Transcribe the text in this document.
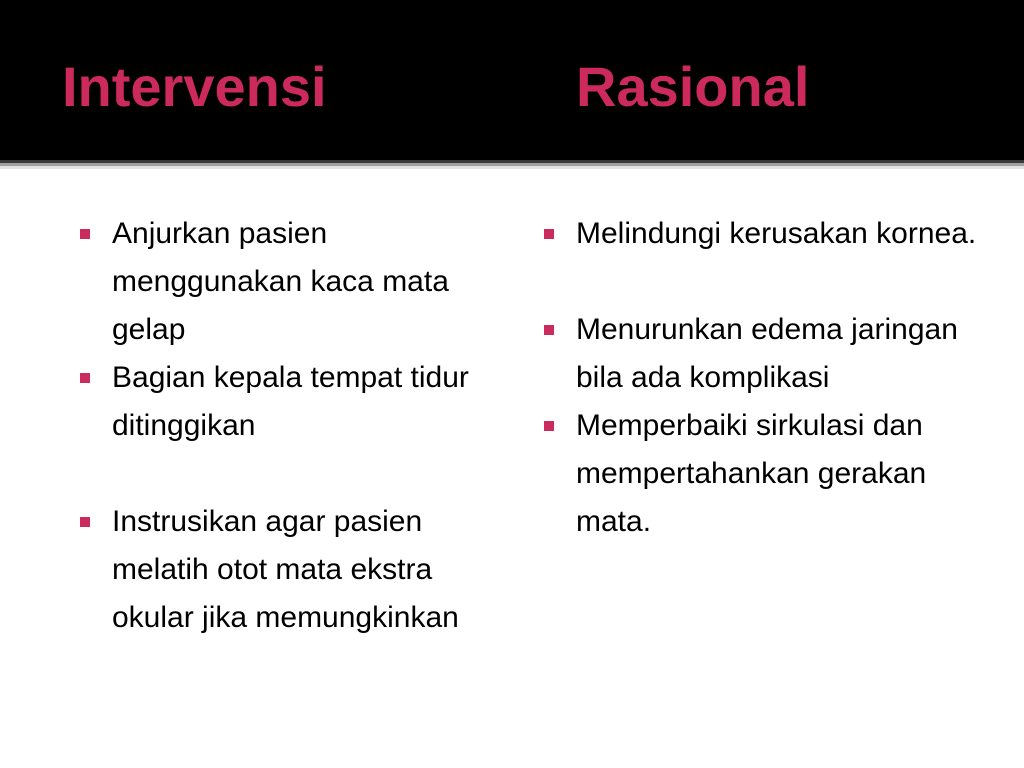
Intervensi	Rasional
Anjurkan pasien menggunakan kaca mata gelap
Bagian kepala tempat tidur ditinggikan
Instrusikan agar pasien melatih otot mata ekstra okular jika memungkinkan
Melindungi kerusakan kornea.
Menurunkan edema jaringan bila ada komplikasi
Memperbaiki sirkulasi dan mempertahankan gerakan mata.
